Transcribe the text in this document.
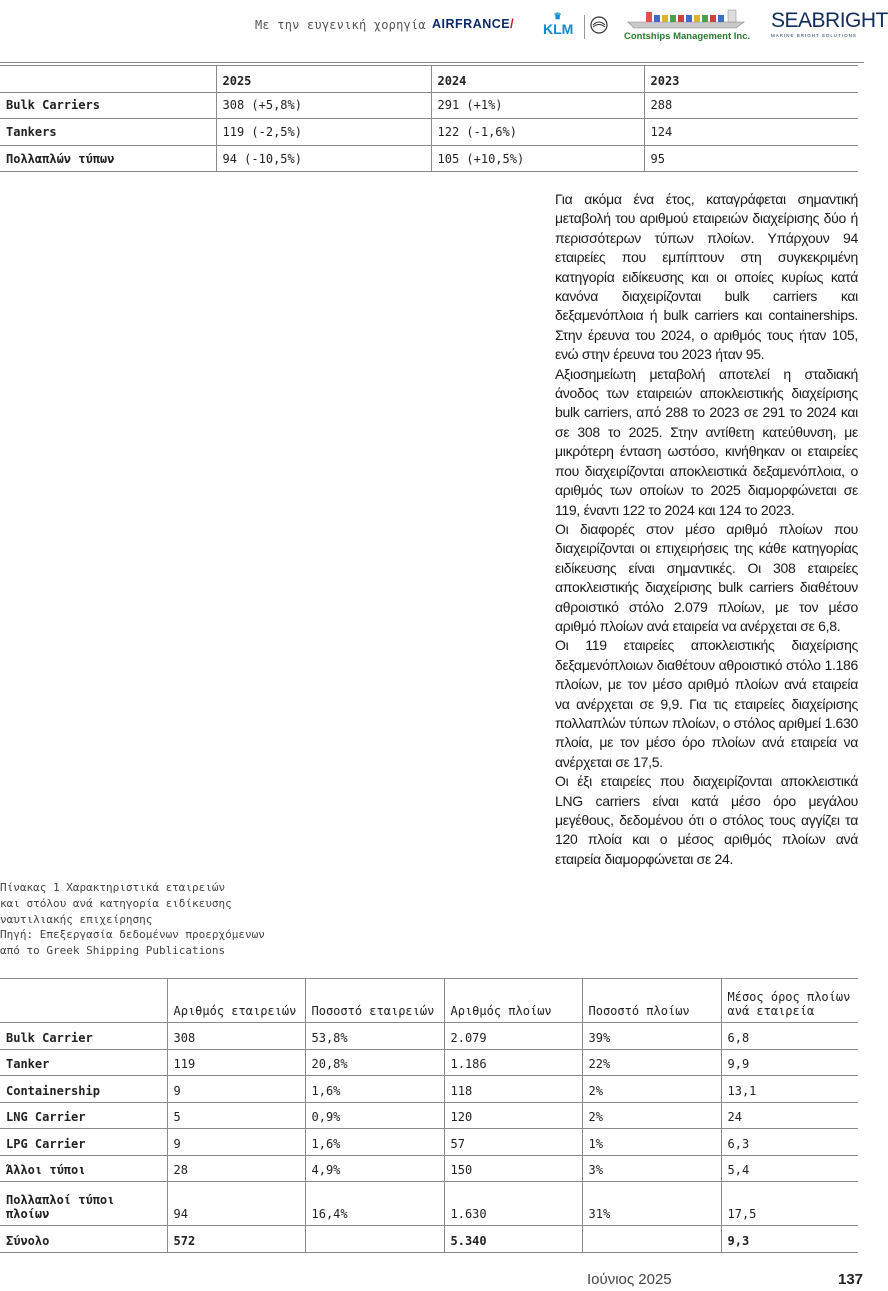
Με την ευγενική χορηγία AIRFRANCE/
♛
KLM	Contships Management Inc.
SEABRIGHT
MARINE BRIGHT SOLUTIONS
	2025	2024	2023
Bulk Carriers	308 (+5,8%)	291 (+1%)	288
Tankers	119 (-2,5%)	122 (-1,6%)	124
Πολλαπλών τύπων	94 (-10,5%)	105 (+10,5%)	95

Για ακόμα ένα έτος, καταγράφεται σημαντική μεταβολή του αριθμού εταιρειών διαχείρισης δύο ή περισσότερων τύπων πλοίων. Υπάρχουν 94 εταιρείες που εμπίπτουν στη συγκεκριμένη κατηγορία ειδίκευσης και οι οποίες κυρίως κατά κανόνα διαχειρίζονται bulk carriers και δεξαμενόπλοια ή bulk carriers και containerships. Στην έρευνα του 2024, ο αριθμός τους ήταν 105, ενώ στην έρευνα του 2023 ήταν 95.

Αξιοσημείωτη μεταβολή αποτελεί η σταδιακή άνοδος των εταιρειών αποκλειστικής διαχείρισης bulk carriers, από 288 το 2023 σε 291 το 2024 και σε 308 το 2025. Στην αντίθετη κατεύθυνση, με μικρότερη ένταση ωστόσο, κινήθηκαν οι εταιρείες που διαχειρίζονται αποκλειστικά δεξαμενόπλοια, ο αριθμός των οποίων το 2025 διαμορφώνεται σε 119, έναντι 122 το 2024 και 124 το 2023.

Οι διαφορές στον μέσο αριθμό πλοίων που διαχειρίζονται οι επιχειρήσεις της κάθε κατηγορίας ειδίκευσης είναι σημαντικές. Οι 308 εταιρείες αποκλειστικής διαχείρισης bulk carriers διαθέτουν αθροιστικό στόλο 2.079 πλοίων, με τον μέσο αριθμό πλοίων ανά εταιρεία να ανέρχεται σε 6,8.

Οι 119 εταιρείες αποκλειστικής διαχείρισης δεξαμενόπλοιων διαθέτουν αθροιστικό στόλο 1.186 πλοίων, με τον μέσο αριθμό πλοίων ανά εταιρεία να ανέρχεται σε 9,9. Για τις εταιρείες διαχείρισης πολλαπλών τύπων πλοίων, ο στόλος αριθμεί 1.630 πλοία, με τον μέσο όρο πλοίων ανά εταιρεία να ανέρχεται σε 17,5.

Οι έξι εταιρείες που διαχειρίζονται αποκλειστικά LNG carriers είναι κατά μέσο όρο μεγάλου μεγέθους, δεδομένου ότι ο στόλος τους αγγίζει τα 120 πλοία και ο μέσος αριθμός πλοίων ανά εταιρεία διαμορφώνεται σε 24.

Πίνακας 1 Χαρακτηριστικά εταιρειών
και στόλου ανά κατηγορία ειδίκευσης
ναυτιλιακής επιχείρησης
Πηγή: Επεξεργασία δεδομένων προερχόμενων
από το Greek Shipping Publications
	Αριθμός εταιρειών	Ποσοστό εταιρειών	Αριθμός πλοίων	Ποσοστό πλοίων	Μέσος όρος πλοίων ανά εταιρεία
Bulk Carrier	308	53,8%	2.079	39%	6,8
Tanker	119	20,8%	1.186	22%	9,9
Containership	9	1,6%	118	2%	13,1
LNG Carrier	5	0,9%	120	2%	24
LPG Carrier	9	1,6%	57	1%	6,3
Άλλοι τύποι	28	4,9%	150	3%	5,4
Πολλαπλοί τύποι πλοίων	94	16,4%	1.630	31%	17,5
Σύνολο	572		5.340		9,3
Ιούνιος 2025	137
